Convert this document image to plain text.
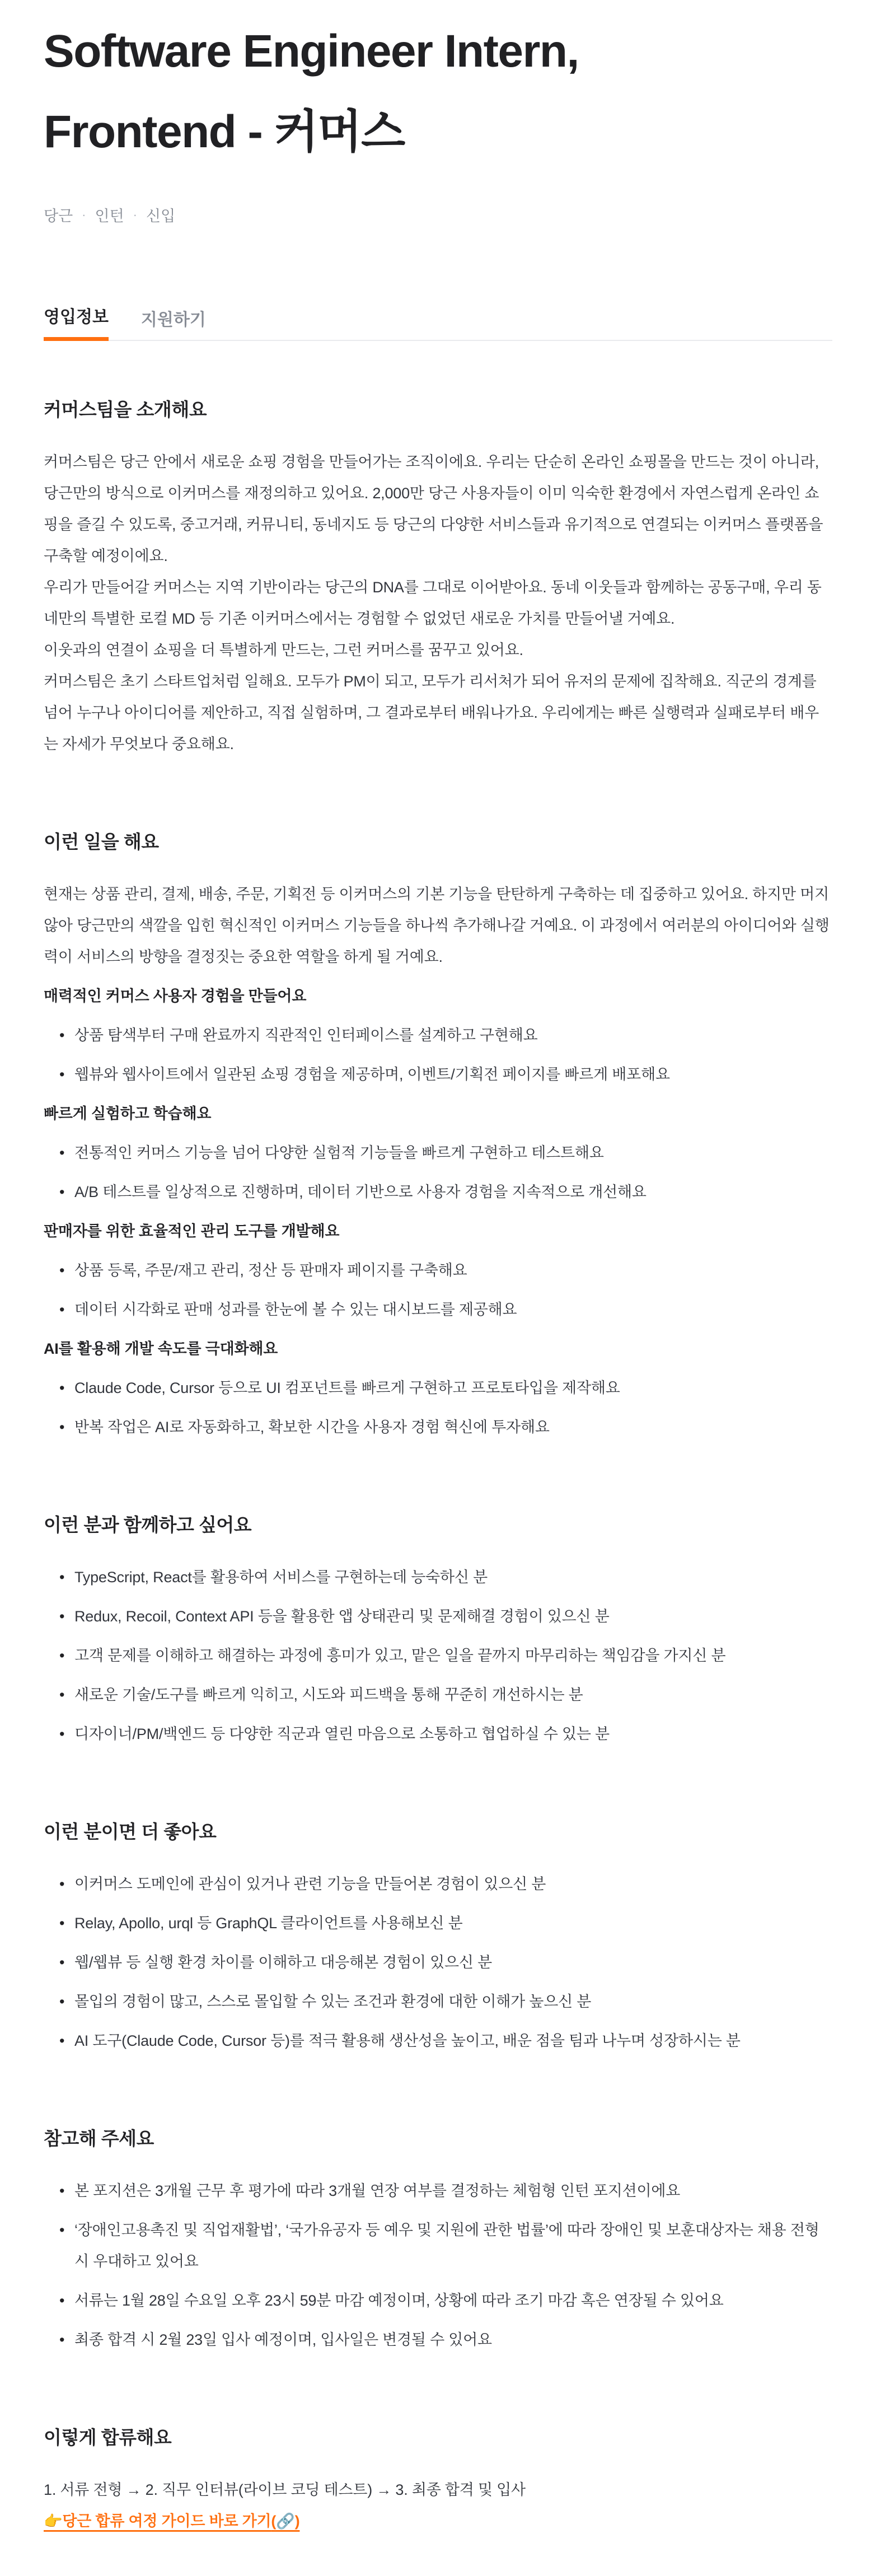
Software Engineer Intern,
Frontend - 커머스
당근 · 인턴 · 신입
영입정보 지원하기
커머스팀을 소개해요

커머스팀은 당근 안에서 새로운 쇼핑 경험을 만들어가는 조직이에요. 우리는 단순히 온라인 쇼핑몰을 만드는 것이 아니라, 당근만의 방식으로 이커머스를 재정의하고 있어요. 2,000만 당근 사용자들이 이미 익숙한 환경에서 자연스럽게 온라인 쇼핑을 즐길 수 있도록, 중고거래, 커뮤니티, 동네지도 등 당근의 다양한 서비스들과 유기적으로 연결되는 이커머스 플랫폼을 구축할 예정이에요.

우리가 만들어갈 커머스는 지역 기반이라는 당근의 DNA를 그대로 이어받아요. 동네 이웃들과 함께하는 공동구매, 우리 동네만의 특별한 로컬 MD 등 기존 이커머스에서는 경험할 수 없었던 새로운 가치를 만들어낼 거예요.

이웃과의 연결이 쇼핑을 더 특별하게 만드는, 그런 커머스를 꿈꾸고 있어요.

커머스팀은 초기 스타트업처럼 일해요. 모두가 PM이 되고, 모두가 리서처가 되어 유저의 문제에 집착해요. 직군의 경계를 넘어 누구나 아이디어를 제안하고, 직접 실험하며, 그 결과로부터 배워나가요. 우리에게는 빠른 실행력과 실패로부터 배우는 자세가 무엇보다 중요해요.

이런 일을 해요

현재는 상품 관리, 결제, 배송, 주문, 기획전 등 이커머스의 기본 기능을 탄탄하게 구축하는 데 집중하고 있어요. 하지만 머지않아 당근만의 색깔을 입힌 혁신적인 이커머스 기능들을 하나씩 추가해나갈 거예요. 이 과정에서 여러분의 아이디어와 실행력이 서비스의 방향을 결정짓는 중요한 역할을 하게 될 거예요.

매력적인 커머스 사용자 경험을 만들어요

• 상품 탐색부터 구매 완료까지 직관적인 인터페이스를 설계하고 구현해요
• 웹뷰와 웹사이트에서 일관된 쇼핑 경험을 제공하며, 이벤트/기획전 페이지를 빠르게 배포해요

빠르게 실험하고 학습해요

• 전통적인 커머스 기능을 넘어 다양한 실험적 기능들을 빠르게 구현하고 테스트해요
• A/B 테스트를 일상적으로 진행하며, 데이터 기반으로 사용자 경험을 지속적으로 개선해요

판매자를 위한 효율적인 관리 도구를 개발해요

• 상품 등록, 주문/재고 관리, 정산 등 판매자 페이지를 구축해요
• 데이터 시각화로 판매 성과를 한눈에 볼 수 있는 대시보드를 제공해요

AI를 활용해 개발 속도를 극대화해요

• Claude Code, Cursor 등으로 UI 컴포넌트를 빠르게 구현하고 프로토타입을 제작해요
• 반복 작업은 AI로 자동화하고, 확보한 시간을 사용자 경험 혁신에 투자해요
이런 분과 함께하고 싶어요
• TypeScript, React를 활용하여 서비스를 구현하는데 능숙하신 분
• Redux, Recoil, Context API 등을 활용한 앱 상태관리 및 문제해결 경험이 있으신 분
• 고객 문제를 이해하고 해결하는 과정에 흥미가 있고, 맡은 일을 끝까지 마무리하는 책임감을 가지신 분
• 새로운 기술/도구를 빠르게 익히고, 시도와 피드백을 통해 꾸준히 개선하시는 분
• 디자이너/PM/백엔드 등 다양한 직군과 열린 마음으로 소통하고 협업하실 수 있는 분
이런 분이면 더 좋아요
• 이커머스 도메인에 관심이 있거나 관련 기능을 만들어본 경험이 있으신 분
• Relay, Apollo, urql 등 GraphQL 클라이언트를 사용해보신 분
• 웹/웹뷰 등 실행 환경 차이를 이해하고 대응해본 경험이 있으신 분
• 몰입의 경험이 많고, 스스로 몰입할 수 있는 조건과 환경에 대한 이해가 높으신 분
• AI 도구(Claude Code, Cursor 등)를 적극 활용해 생산성을 높이고, 배운 점을 팀과 나누며 성장하시는 분
참고해 주세요
• 본 포지션은 3개월 근무 후 평가에 따라 3개월 연장 여부를 결정하는 체험형 인턴 포지션이에요
• ‘장애인고용촉진 및 직업재활법’, ‘국가유공자 등 예우 및 지원에 관한 법률’에 따라 장애인 및 보훈대상자는 채용 전형 시 우대하고 있어요
• 서류는 1월 28일 수요일 오후 23시 59분 마감 예정이며, 상황에 따라 조기 마감 혹은 연장될 수 있어요
• 최종 합격 시 2월 23일 입사 예정이며, 입사일은 변경될 수 있어요
이렇게 합류해요

1. 서류 전형 → 2. 직무 인터뷰(라이브 코딩 테스트) → 3. 최종 합격 및 입사

👉당근 합류 여정 가이드 바로 가기(🔗)
